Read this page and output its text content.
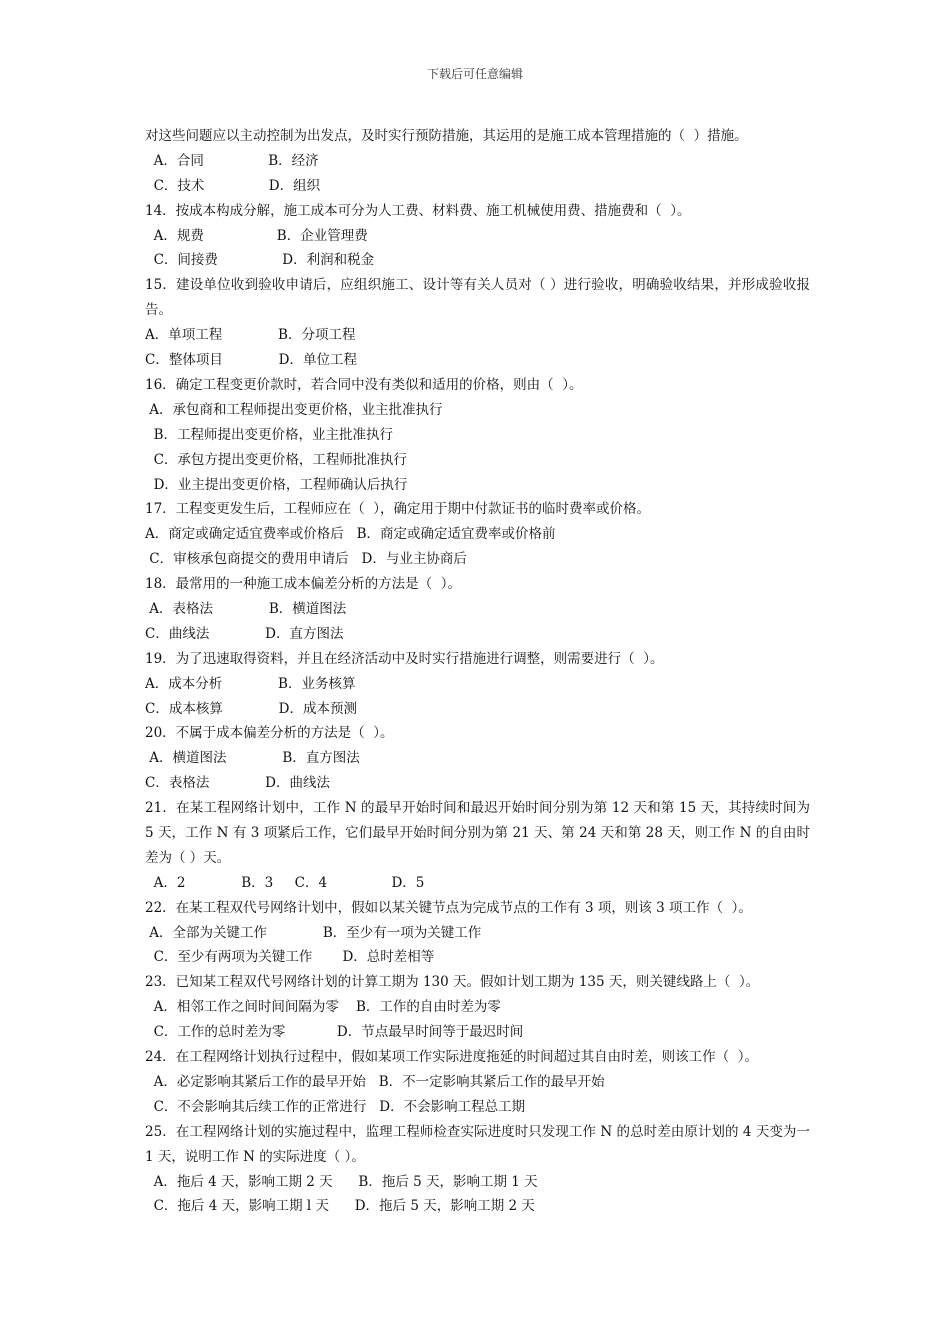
下载后可任意编辑
对这些问题应以主动控制为出发点，及时实行预防措施，其运用的是施工成本管理措施的（  ）措施。
A．合同               B．经济
C．技术               D．组织
14．按成本构成分解，施工成本可分为人工费、材料费、施工机械使用费、措施费和（  ）。
A．规费                 B．企业管理费
C．间接费               D．利润和税金
15．建设单位收到验收申请后，应组织施工、设计等有关人员对（ ）进行验收，明确验收结果，并形成验收报告。
A．单项工程             B．分项工程
C．整体项目             D．单位工程
16．确定工程变更价款时，若合同中没有类似和适用的价格，则由（  ）。
A．承包商和工程师提出变更价格，业主批准执行
B．工程师提出变更价格，业主批准执行
C．承包方提出变更价格，工程师批准执行
D．业主提出变更价格，工程师确认后执行
17．工程变更发生后，工程师应在（  ），确定用于期中付款证书的临时费率或价格。
A．商定或确定适宜费率或价格后   B．商定或确定适宜费率或价格前
C．审核承包商提交的费用申请后   D．与业主协商后
18．最常用的一种施工成本偏差分析的方法是（  ）。
A．表格法             B．横道图法
C．曲线法             D．直方图法
19．为了迅速取得资料，并且在经济活动中及时实行措施进行调整，则需要进行（  ）。
A．成本分析             B．业务核算
C．成本核算             D．成本预测
20．不属于成本偏差分析的方法是（  ）。
A．横道图法             B．直方图法
C．表格法             D．曲线法
21．在某工程网络计划中，工作 N 的最早开始时间和最迟开始时间分别为第 12 天和第 15 天，其持续时间为 5 天，工作 N 有 3 项紧后工作，它们最早开始时间分别为第 21 天、第 24 天和第 28 天，则工作 N 的自由时差为（ ）天。
A．2             B．3     C．4               D．5
22．在某工程双代号网络计划中，假如以某关键节点为完成节点的工作有 3 项，则该 3 项工作（  ）。
A．全部为关键工作             B．至少有一项为关键工作
C．至少有两项为关键工作       D．总时差相等
23．已知某工程双代号网络计划的计算工期为 130 天。假如计划工期为 135 天，则关键线路上（  ）。
A．相邻工作之间时间间隔为零    B．工作的自由时差为零
C．工作的总时差为零            D．节点最早时间等于最迟时间
24．在工程网络计划执行过程中，假如某项工作实际进度拖延的时间超过其自由时差，则该工作（  ）。
A．必定影响其紧后工作的最早开始   B．不一定影响其紧后工作的最早开始
C．不会影响其后续工作的正常进行   D．不会影响工程总工期
25．在工程网络计划的实施过程中，监理工程师检查实际进度时只发现工作 N 的总时差由原计划的 4 天变为一1 天，说明工作 N 的实际进度（ ）。
A．拖后 4 天，影响工期 2 天      B．拖后 5 天，影响工期 1 天
C．拖后 4 天，影响工期 l 天      D．拖后 5 天，影响工期 2 天
